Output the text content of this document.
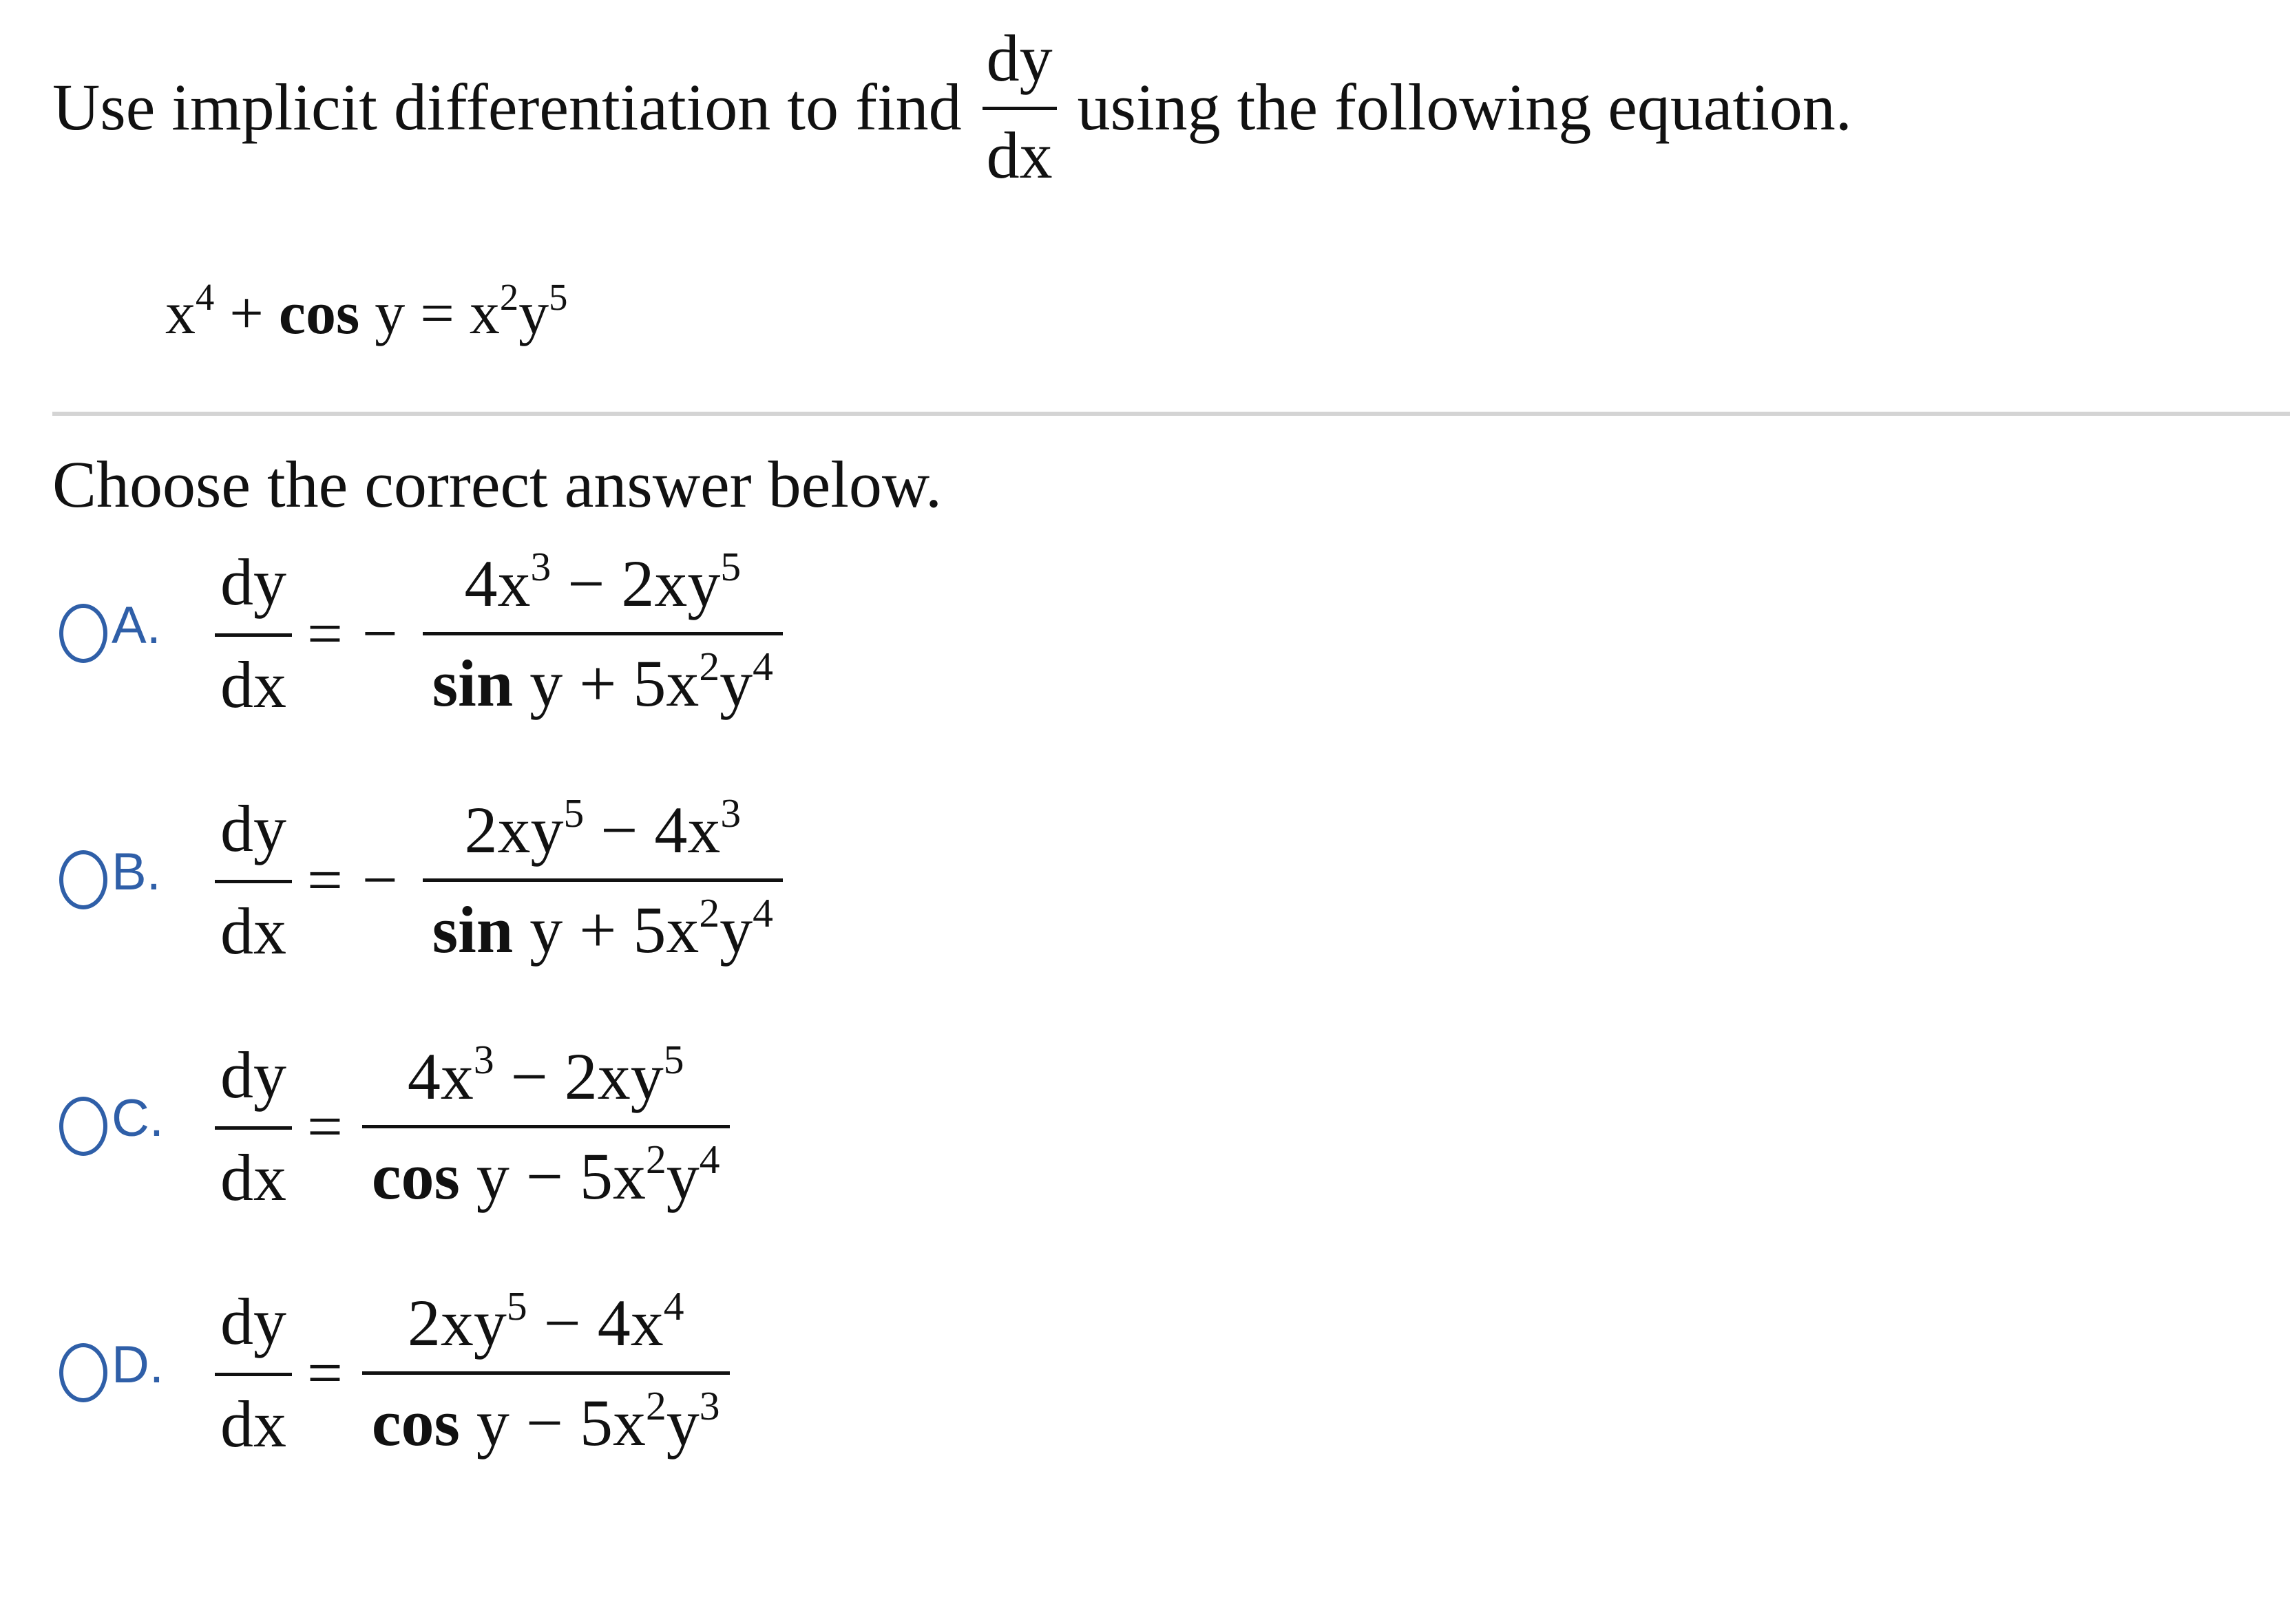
Use implicit differentiation to find
dy
dx
using the following equation.
$x^4 + \cos y = x^2y^5$
Choose the correct answer below.
A.
dy
dx
= −
$4x^3 - 2xy^5$
$\sin y + 5x^2y^4$
B.
dy
dx
= −
$2xy^5 - 4x^3$
$\sin y + 5x^2y^4$
C.
dy
dx
=
$4x^3 - 2xy^5$
$\cos y - 5x^2y^4$
D.
dy
dx
=
$2xy^5 - 4x^4$
$\cos y - 5x^2y^3$
